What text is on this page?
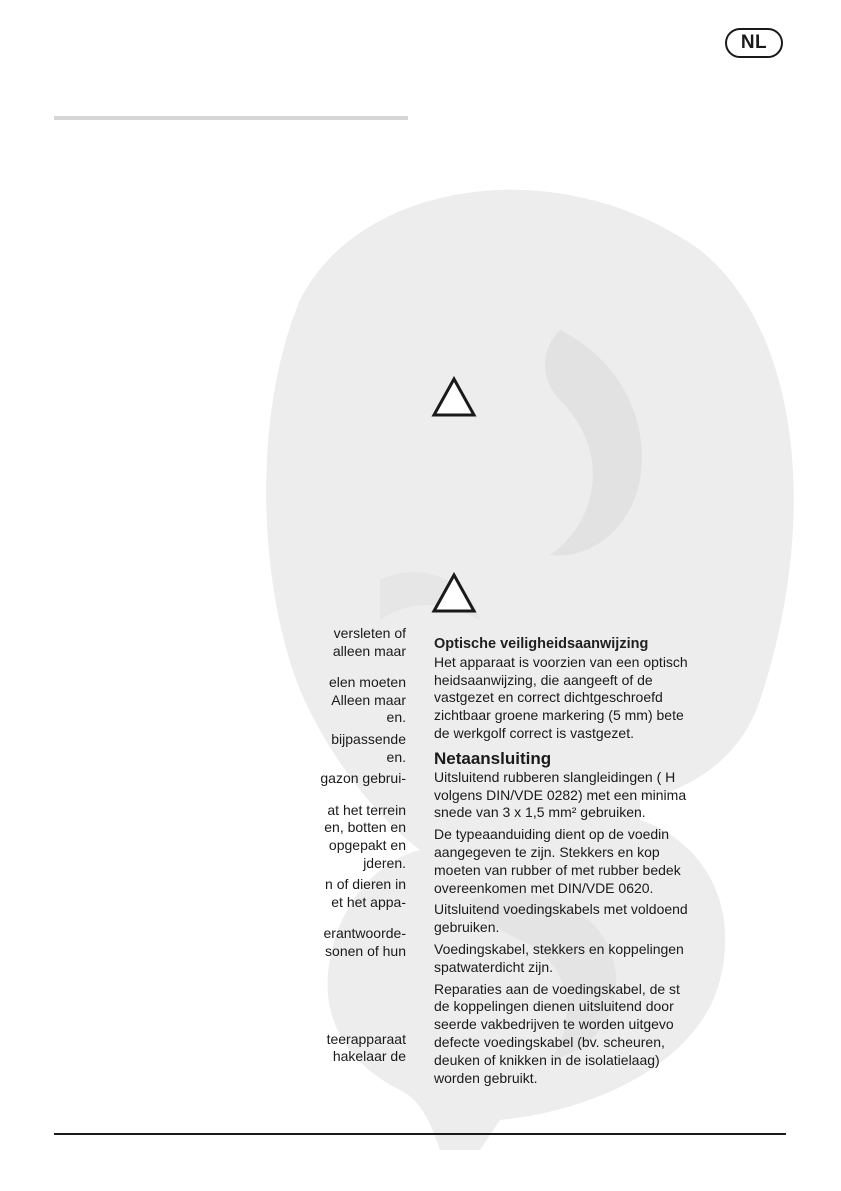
NL
versleten of
alleen maar
elen moeten
Alleen maar
en.
bijpassende
en.
gazon gebrui-
at het terrein
en, botten en
opgepakt en
jderen.
n of dieren in
et het appa-
erantwoorde-
sonen of hun
teerapparaat
hakelaar de
Optische veiligheidsaanwijzing
Het apparaat is voorzien van een optisch
heidsaanwijzing, die aangeeft of de
vastgezet en correct dichtgeschroefd
zichtbaar groene markering (5 mm) bete
de werkgolf correct is vastgezet.
Netaansluiting
Uitsluitend rubberen slangleidingen ( H
volgens DIN/VDE 0282) met een minima
snede van 3 x 1,5 mm² gebruiken.
De typeaanduiding dient op de voedin
aangegeven te zijn. Stekkers en kop
moeten van rubber of met rubber bedek
overeenkomen met DIN/VDE 0620.
Uitsluitend voedingskabels met voldoend
gebruiken.
Voedingskabel, stekkers en koppelingen
spatwaterdicht zijn.
Reparaties aan de voedingskabel, de st
de koppelingen dienen uitsluitend door
seerde vakbedrijven te worden uitgevo
defecte voedingskabel (bv. scheuren,
deuken of knikken in de isolatielaag)
worden gebruikt.
